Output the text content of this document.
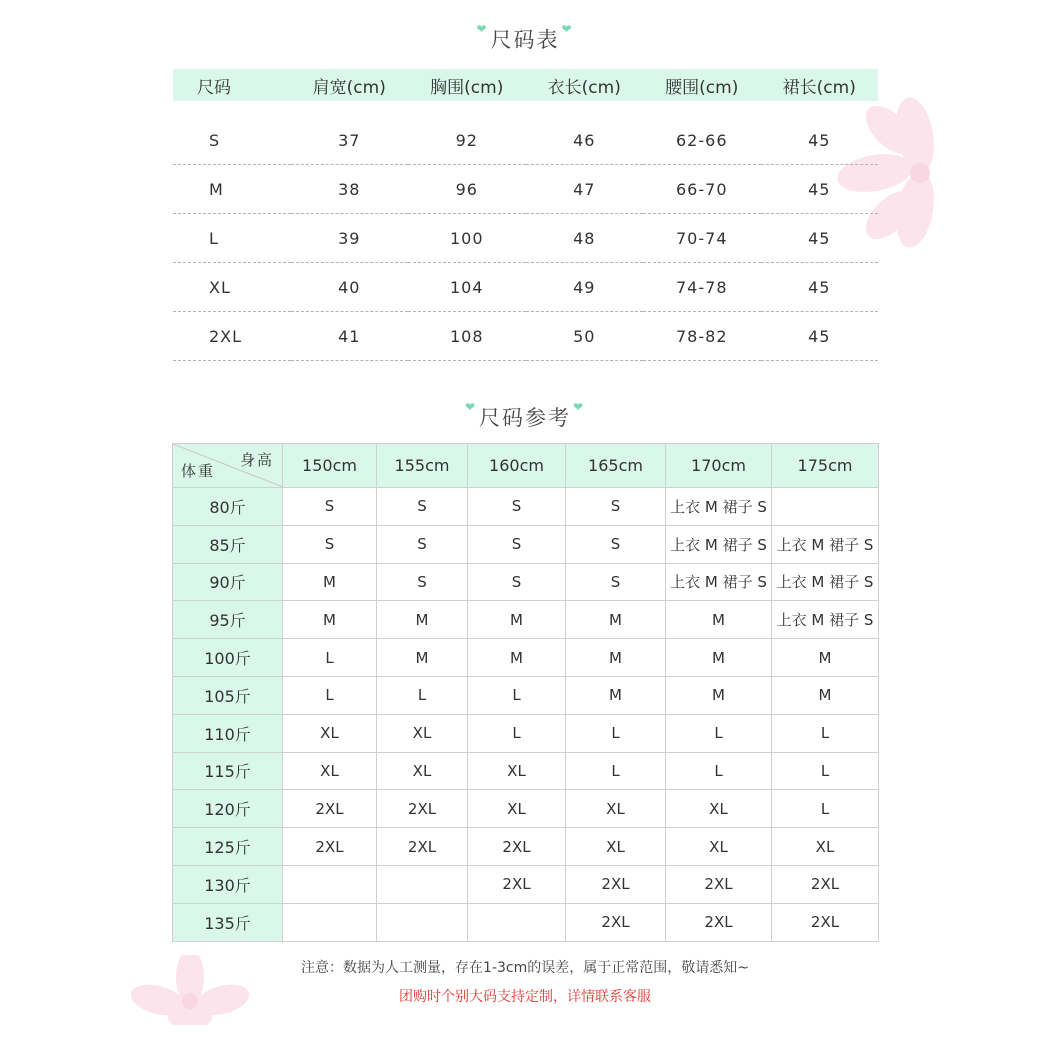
❤尺码表 ❤
尺码	肩宽(cm)	胸围(cm)	衣长(cm)	腰围(cm)	裙长(cm)

S	37	92	46	62-66	45
M	38	96	47	66-70	45
L	39	100	48	70-74	45
XL	40	104	49	74-78	45
2XL	41	108	50	78-82	45
❤尺码参考 ❤
身高
体重	150cm	155cm	160cm	165cm	170cm	175cm
80斤	S	S	S	S	上衣 M 裙子 S	
85斤	S	S	S	S	上衣 M 裙子 S	上衣 M 裙子 S
90斤	M	S	S	S	上衣 M 裙子 S	上衣 M 裙子 S
95斤	M	M	M	M	M	上衣 M 裙子 S
100斤	L	M	M	M	M	M
105斤	L	L	L	M	M	M
110斤	XL	XL	L	L	L	L
115斤	XL	XL	XL	L	L	L
120斤	2XL	2XL	XL	XL	XL	L
125斤	2XL	2XL	2XL	XL	XL	XL
130斤			2XL	2XL	2XL	2XL
135斤				2XL	2XL	2XL
注意：数据为人工测量，存在1-3cm的误差，属于正常范围，敬请悉知~
团购时个别大码支持定制，详情联系客服
